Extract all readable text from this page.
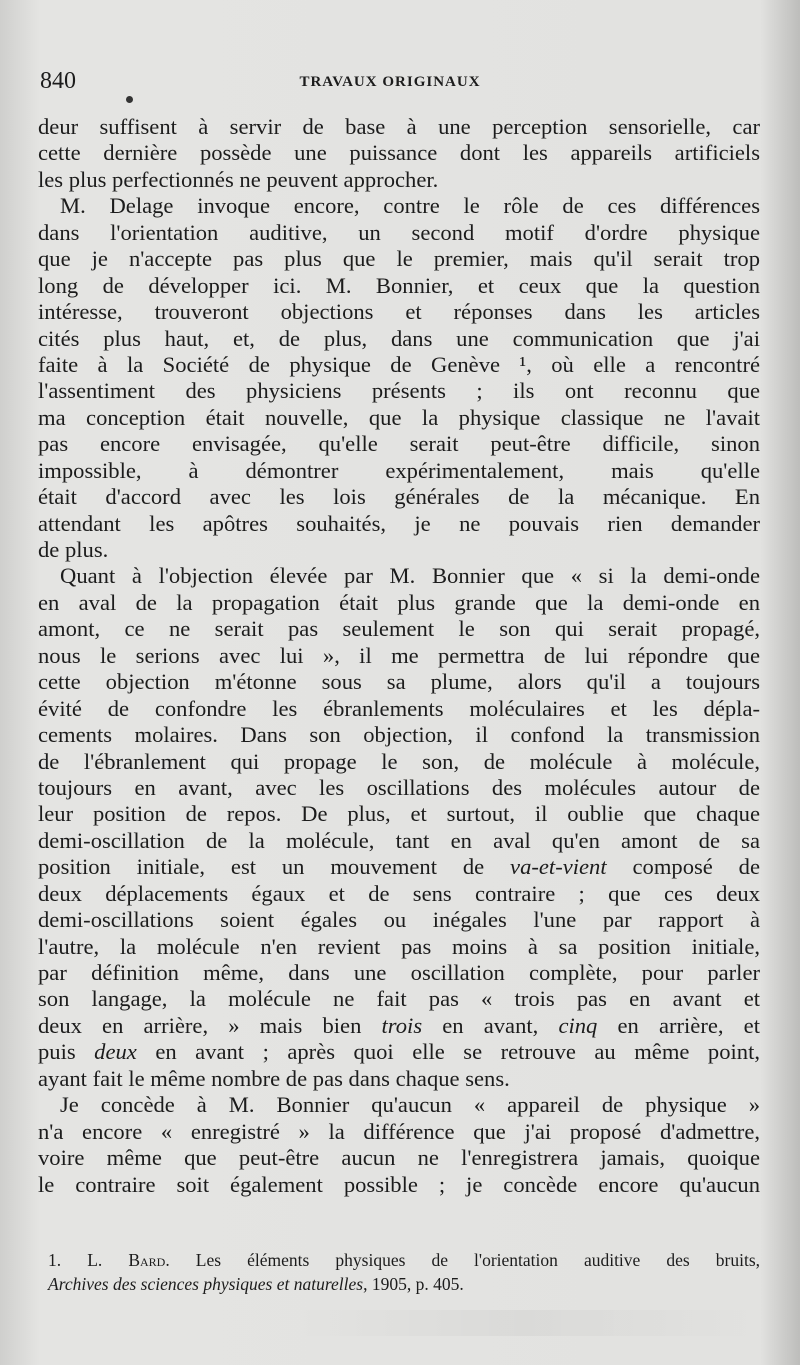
840	TRAVAUX ORIGINAUX
deur suffisent à servir de base à une perception sensorielle, car
cette dernière possède une puissance dont les appareils artificiels
les plus perfectionnés ne peuvent approcher.
M. Delage invoque encore, contre le rôle de ces différences
dans l'orientation auditive, un second motif d'ordre physique
que je n'accepte pas plus que le premier, mais qu'il serait trop
long de développer ici. M. Bonnier, et ceux que la question
intéresse, trouveront objections et réponses dans les articles
cités plus haut, et, de plus, dans une communication que j'ai
faite à la Société de physique de Genève ¹, où elle a rencontré
l'assentiment des physiciens présents ; ils ont reconnu que
ma conception était nouvelle, que la physique classique ne l'avait
pas encore envisagée, qu'elle serait peut-être difficile, sinon
impossible, à démontrer expérimentalement, mais qu'elle
était d'accord avec les lois générales de la mécanique. En
attendant les apôtres souhaités, je ne pouvais rien demander
de plus.
Quant à l'objection élevée par M. Bonnier que « si la demi-onde
en aval de la propagation était plus grande que la demi-onde en
amont, ce ne serait pas seulement le son qui serait propagé,
nous le serions avec lui », il me permettra de lui répondre que
cette objection m'étonne sous sa plume, alors qu'il a toujours
évité de confondre les ébranlements moléculaires et les dépla-
cements molaires. Dans son objection, il confond la transmission
de l'ébranlement qui propage le son, de molécule à molécule,
toujours en avant, avec les oscillations des molécules autour de
leur position de repos. De plus, et surtout, il oublie que chaque
demi-oscillation de la molécule, tant en aval qu'en amont de sa
position initiale, est un mouvement de va-et-vient composé de
deux déplacements égaux et de sens contraire ; que ces deux
demi-oscillations soient égales ou inégales l'une par rapport à
l'autre, la molécule n'en revient pas moins à sa position initiale,
par définition même, dans une oscillation complète, pour parler
son langage, la molécule ne fait pas « trois pas en avant et
deux en arrière, » mais bien trois en avant, cinq en arrière, et
puis deux en avant ; après quoi elle se retrouve au même point,
ayant fait le même nombre de pas dans chaque sens.
Je concède à M. Bonnier qu'aucun « appareil de physique »
n'a encore « enregistré » la différence que j'ai proposé d'admettre,
voire même que peut-être aucun ne l'enregistrera jamais, quoique
le contraire soit également possible ; je concède encore qu'aucun
1. L. Bard. Les éléments physiques de l'orientation auditive des bruits,
Archives des sciences physiques et naturelles, 1905, p. 405.
